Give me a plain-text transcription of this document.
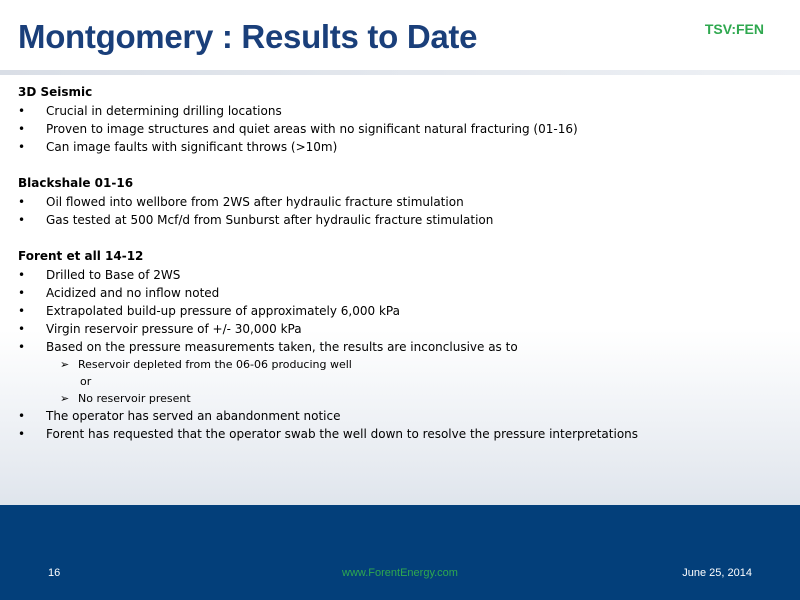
Montgomery : Results to Date	TSV:FEN
3D Seismic
•	Crucial in determining drilling locations
•	Proven to image structures and quiet areas with no significant natural fracturing (01-16)
•	Can image faults with significant throws (>10m)
Blackshale 01-16
•	Oil flowed into wellbore from 2WS after hydraulic fracture stimulation
•	Gas tested at 500 Mcf/d from Sunburst after hydraulic fracture stimulation
Forent et all 14-12
•	Drilled to Base of 2WS
•	Acidized and no inflow noted
•	Extrapolated build-up pressure of approximately 6,000 kPa
•	Virgin reservoir pressure of +/- 30,000 kPa
•	Based on the pressure measurements taken, the results are inconclusive as to
➢ Reservoir depleted from the 06-06 producing well
or
➢ No reservoir present
•	The operator has served an abandonment notice
•	Forent has requested that the operator swab the well down to resolve the pressure interpretations
16	www.ForentEnergy.com	June 25, 2014
